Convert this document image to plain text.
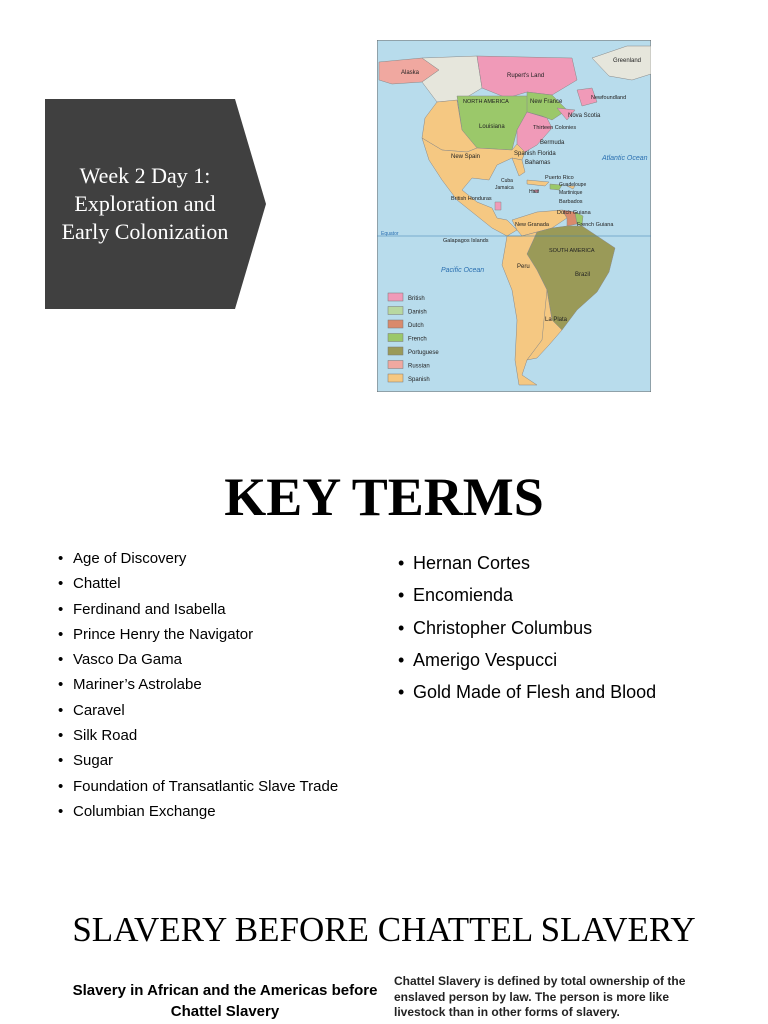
Week 2 Day 1: Exploration and Early Colonization
Alaska
Greenland
Rupert's Land
NORTH AMERICA	New France
Newfoundland
Nova Scotia
Louisiana	Thirteen Colonies
Bermuda
Spanish Florida
Bahamas
Atlantic Ocean
New Spain
Cuba
Jamaica
Haiti
Puerto Rico
Guadeloupe
Martinique
Barbados
British Honduras
Dutch Guiana
French Guiana
New Granada
Equator
Galapagos Islands
SOUTH AMERICA
Brazil
Pacific Ocean	Peru
La Plata
British
Danish
Dutch
French
Portuguese
Russian
Spanish
KEY TERMS
• Age of Discovery
• Chattel
• Ferdinand and Isabella
• Prince Henry the Navigator
• Vasco Da Gama
• Mariner’s Astrolabe
• Caravel
• Silk Road
• Sugar
• Foundation of Transatlantic Slave Trade
• Columbian Exchange
• Hernan Cortes
• Encomienda
• Christopher Columbus
• Amerigo Vespucci
• Gold Made of Flesh and Blood
SLAVERY BEFORE CHATTEL SLAVERY
Slavery in African and the Americas before Chattel Slavery
Chattel Slavery is defined by total ownership of the enslaved person by law. The person is more like livestock than in other forms of slavery.
